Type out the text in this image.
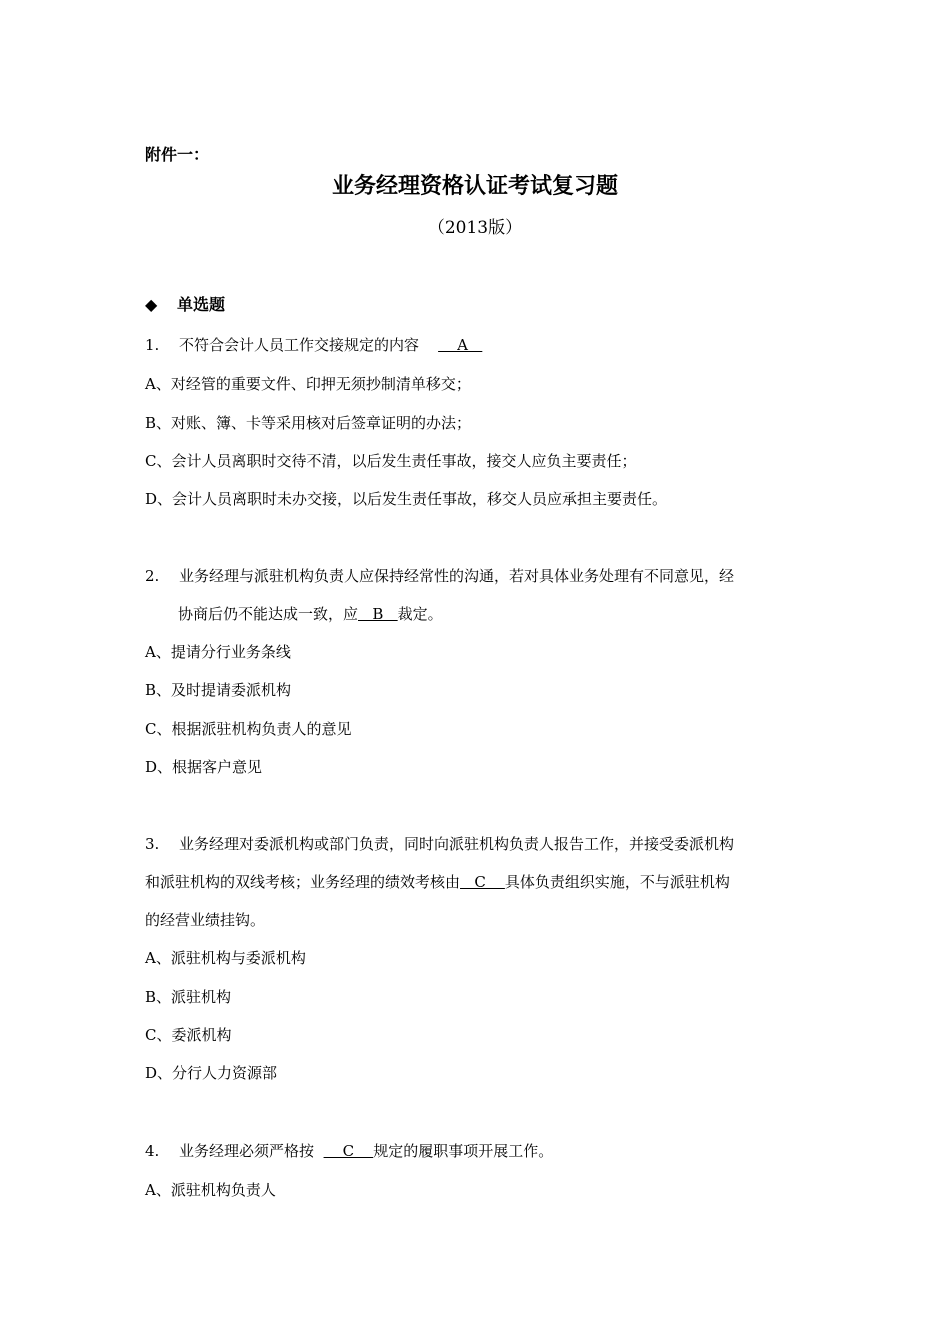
附件一：
业务经理资格认证考试复习题
（2013版）
◆ 单选题
1. 不符合会计人员工作交接规定的内容        A
A、对经管的重要文件、印押无须抄制清单移交；
B、对账、簿、卡等采用核对后签章证明的办法；
C、会计人员离职时交待不清，以后发生责任事故，接交人应负主要责任；
D、会计人员离职时未办交接，以后发生责任事故，移交人员应承担主要责任。
2. 业务经理与派驻机构负责人应保持经常性的沟通，若对具体业务处理有不同意见，经
协商后仍不能达成一致，应   B   裁定。
A、提请分行业务条线
B、及时提请委派机构
C、根据派驻机构负责人的意见
D、根据客户意见
3. 业务经理对委派机构或部门负责，同时向派驻机构负责人报告工作，并接受委派机构
和派驻机构的双线考核；业务经理的绩效考核由   C    具体负责组织实施，不与派驻机构
的经营业绩挂钩。
A、派驻机构与委派机构
B、派驻机构
C、委派机构
D、分行人力资源部
4. 业务经理必须严格按      C    规定的履职事项开展工作。
A、派驻机构负责人
